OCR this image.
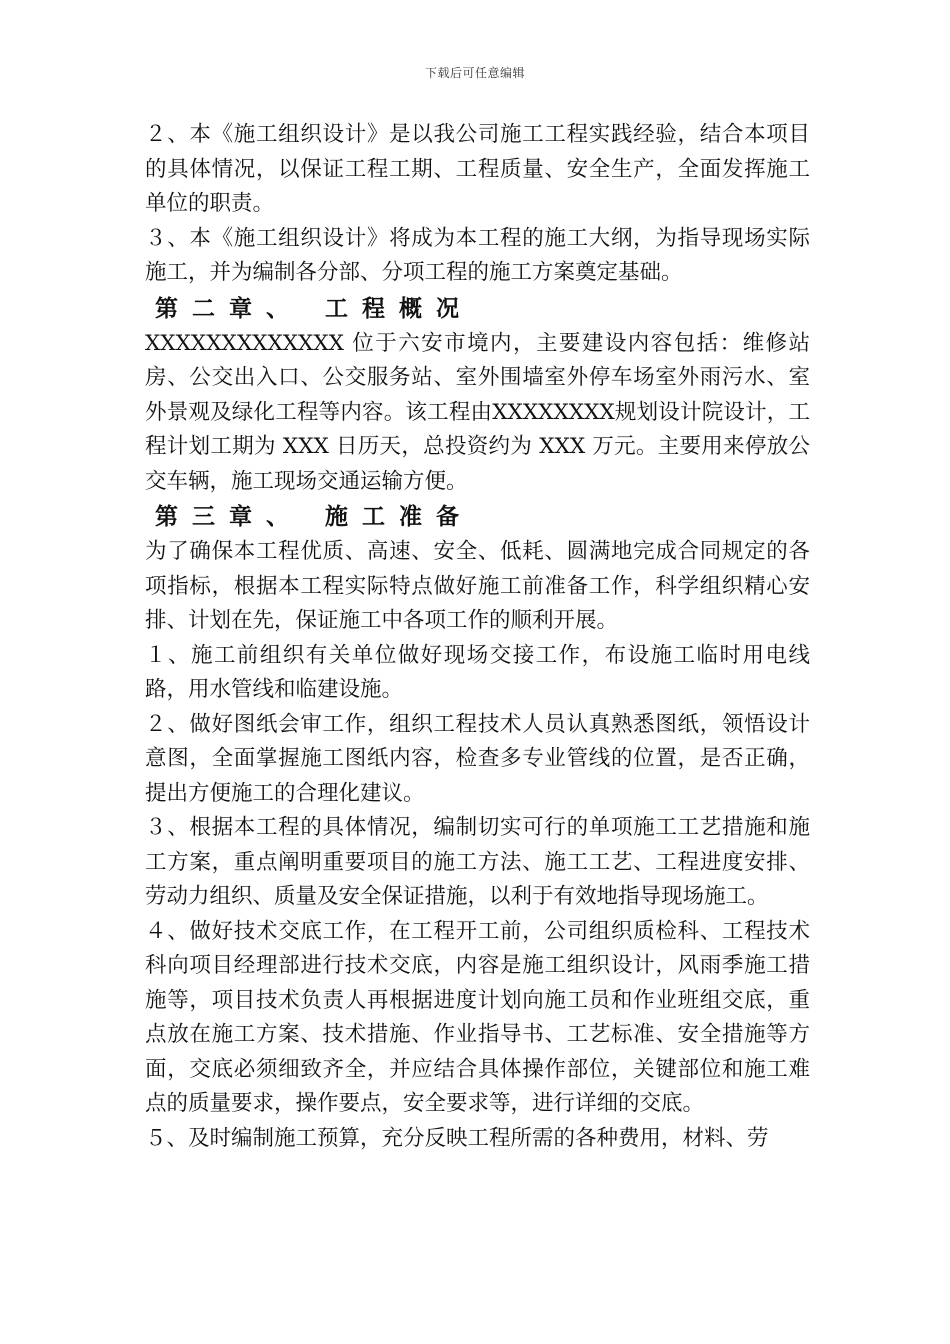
下载后可任意编辑

２、本《施工组织设计》是以我公司施工工程实践经验，结合本项目的具体情况，以保证工程工期、工程质量、安全生产，全面发挥施工单位的职责。

３、本《施工组织设计》将成为本工程的施工大纲，为指导现场实际施工，并为编制各分部、分项工程的施工方案奠定基础。

第二章、 工程概况

XXXXXXXXXXXXX 位于六安市境内，主要建设内容包括：维修站房、公交出入口、公交服务站、室外围墙室外停车场室外雨污水、室外景观及绿化工程等内容。该工程由XXXXXXXX规划设计院设计，工程计划工期为 XXX 日历天，总投资约为 XXX 万元。主要用来停放公交车辆，施工现场交通运输方便。

第三章、 施工准备

为了确保本工程优质、高速、安全、低耗、圆满地完成合同规定的各项指标，根据本工程实际特点做好施工前准备工作，科学组织精心安排、计划在先，保证施工中各项工作的顺利开展。

１、施工前组织有关单位做好现场交接工作，布设施工临时用电线路，用水管线和临建设施。

２、做好图纸会审工作，组织工程技术人员认真熟悉图纸，领悟设计意图，全面掌握施工图纸内容，检查多专业管线的位置，是否正确，提出方便施工的合理化建议。

３、根据本工程的具体情况，编制切实可行的单项施工工艺措施和施工方案，重点阐明重要项目的施工方法、施工工艺、工程进度安排、劳动力组织、质量及安全保证措施，以利于有效地指导现场施工。

４、做好技术交底工作，在工程开工前，公司组织质检科、工程技术科向项目经理部进行技术交底，内容是施工组织设计，风雨季施工措施等，项目技术负责人再根据进度计划向施工员和作业班组交底，重点放在施工方案、技术措施、作业指导书、工艺标准、安全措施等方面，交底必须细致齐全，并应结合具体操作部位，关键部位和施工难点的质量要求，操作要点，安全要求等，进行详细的交底。

５、及时编制施工预算，充分反映工程所需的各种费用，材料、劳
